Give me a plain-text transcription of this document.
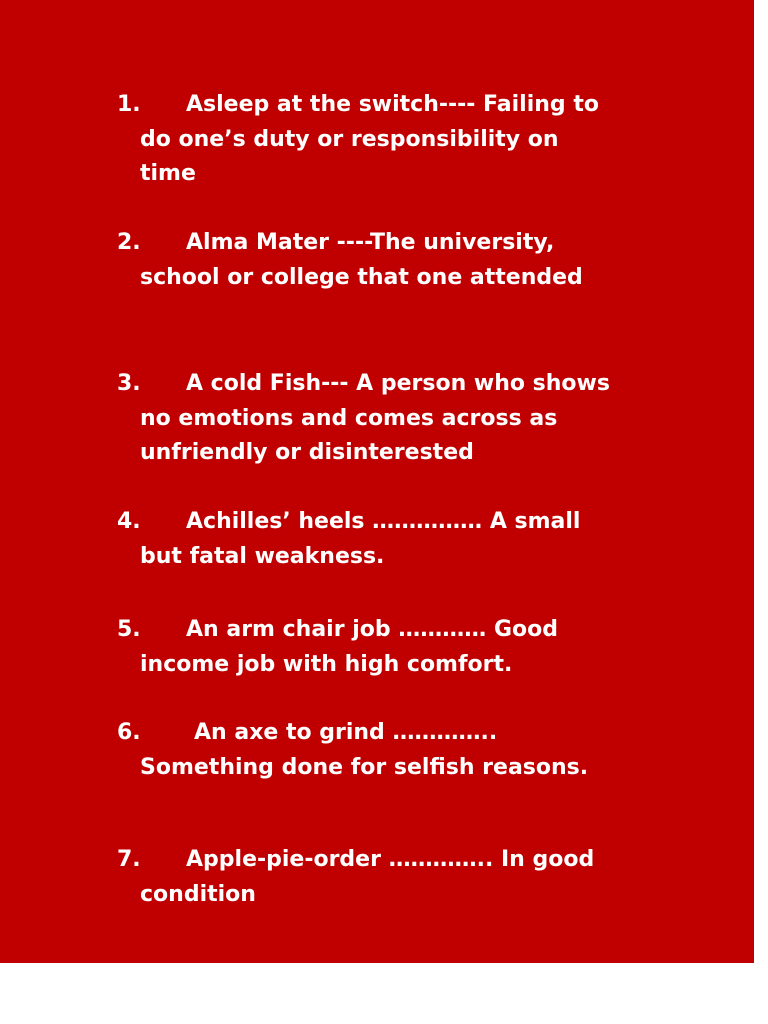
1. Asleep at the switch---- Failing to
do one’s duty or responsibility on
time
2. Alma Mater ----The university,
school or college that one attended
3. A cold Fish--- A person who shows
no emotions and comes across as
unfriendly or disinterested
4. Achilles’ heels …………… A small
but fatal weakness.
5. An arm chair job ………… Good
income job with high comfort.
6. An axe to grind …………..
Something done for selfish reasons.
7. Apple-pie-order ………….. In good
condition
